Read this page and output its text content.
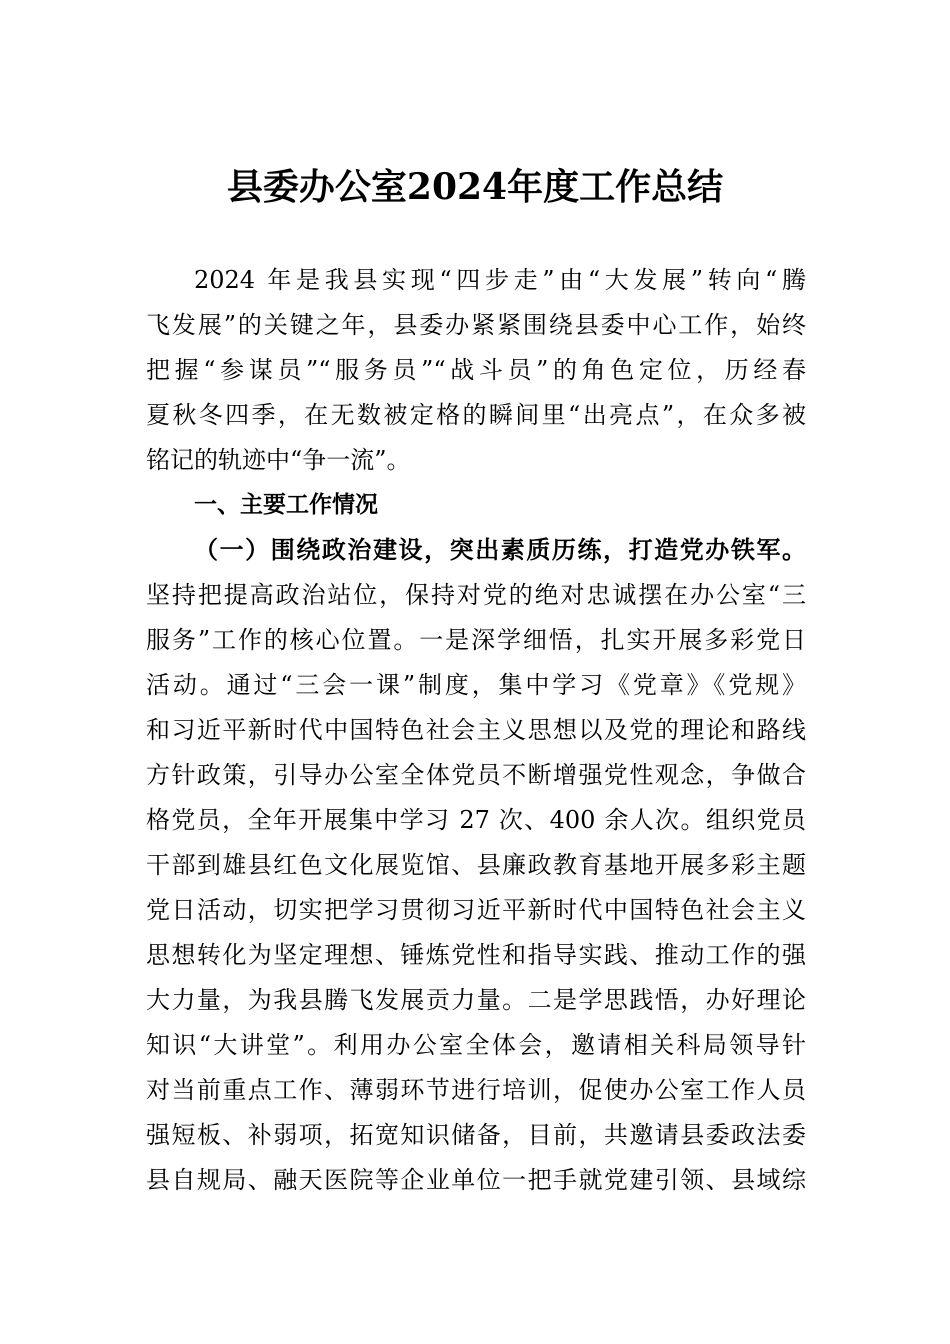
县委办公室2024年度工作总结
2024 年是我县实现“四步走”由“大发展”转向“腾
飞发展”的关键之年，县委办紧紧围绕县委中心工作，始终
把握“参谋员”“服务员”“战斗员”的角色定位，历经春
夏秋冬四季，在无数被定格的瞬间里“出亮点”，在众多被
铭记的轨迹中“争一流”。
一、主要工作情况
（一）围绕政治建设，突出素质历练，打造党办铁军。
坚持把提高政治站位，保持对党的绝对忠诚摆在办公室“三
服务”工作的核心位置。一是深学细悟，扎实开展多彩党日
活动。通过“三会一课”制度，集中学习《党章》《党规》
和习近平新时代中国特色社会主义思想以及党的理论和路线
方针政策，引导办公室全体党员不断增强党性观念，争做合
格党员，全年开展集中学习 27 次、400 余人次。组织党员
干部到雄县红色文化展览馆、县廉政教育基地开展多彩主题
党日活动，切实把学习贯彻习近平新时代中国特色社会主义
思想转化为坚定理想、锤炼党性和指导实践、推动工作的强
大力量，为我县腾飞发展贡力量。二是学思践悟，办好理论
知识“大讲堂”。利用办公室全体会，邀请相关科局领导针
对当前重点工作、薄弱环节进行培训，促使办公室工作人员
强短板、补弱项，拓宽知识储备，目前，共邀请县委政法委
县自规局、融天医院等企业单位一把手就党建引领、县域综
